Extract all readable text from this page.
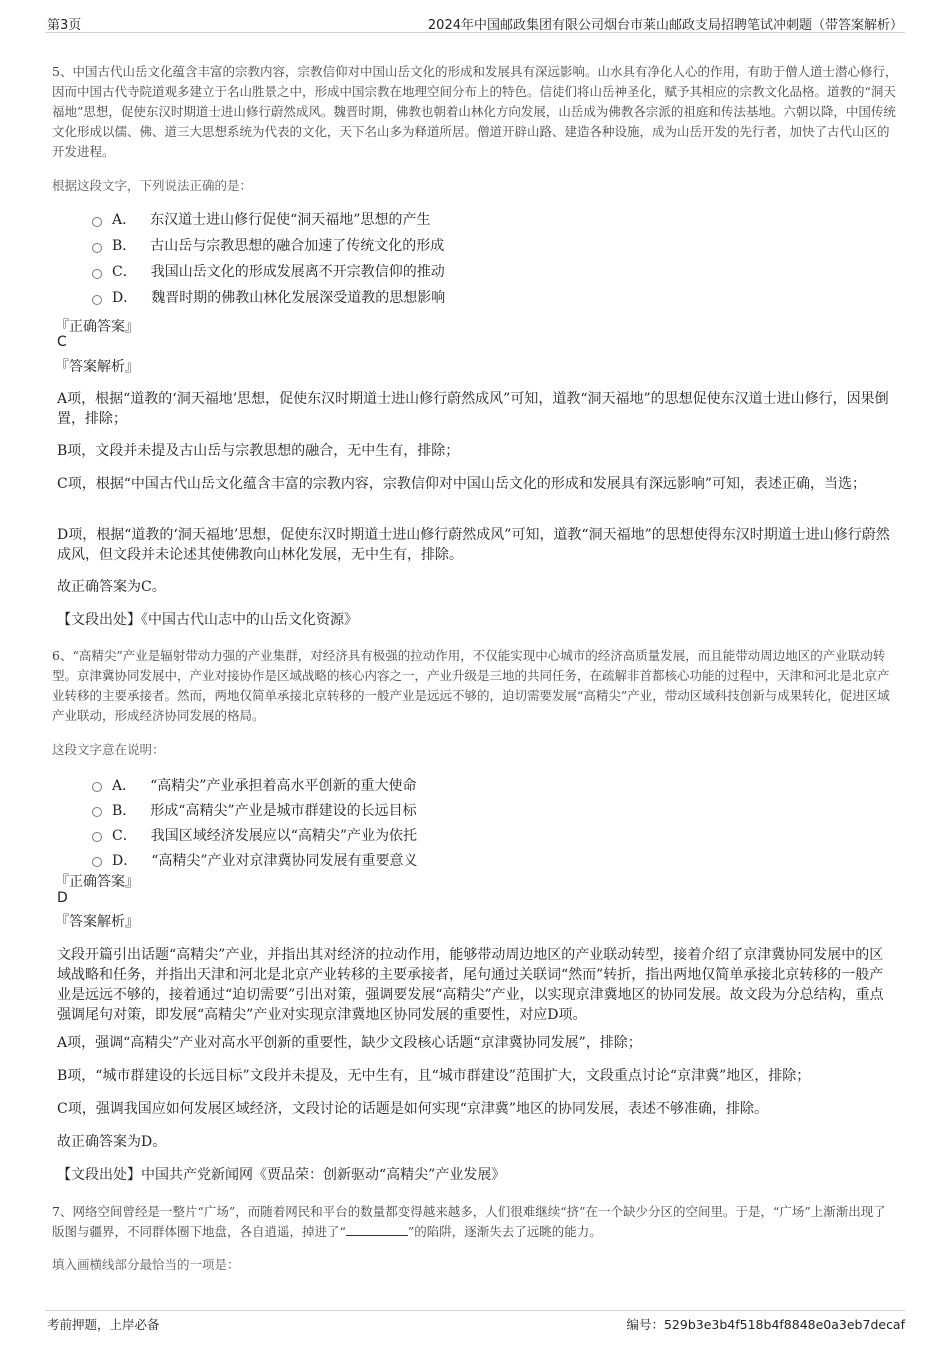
第3页	2024年中国邮政集团有限公司烟台市莱山邮政支局招聘笔试冲刺题（带答案解析）
5、中国古代山岳文化蕴含丰富的宗教内容，宗教信仰对中国山岳文化的形成和发展具有深远影响。山水具有净化人心的作用，有助于僧人道士潜心修行，因而中国古代寺院道观多建立于名山胜景之中，形成中国宗教在地理空间分布上的特色。信徒们将山岳神圣化，赋予其相应的宗教文化品格。道教的“洞天福地”思想，促使东汉时期道士进山修行蔚然成风。魏晋时期，佛教也朝着山林化方向发展，山岳成为佛教各宗派的祖庭和传法基地。六朝以降，中国传统文化形成以儒、佛、道三大思想系统为代表的文化，天下名山多为释道所居。僧道开辟山路、建造各种设施，成为山岳开发的先行者，加快了古代山区的开发进程。
根据这段文字，下列说法正确的是：
A． 东汉道士进山修行促使“洞天福地”思想的产生
B． 古山岳与宗教思想的融合加速了传统文化的形成
C． 我国山岳文化的形成发展离不开宗教信仰的推动
D． 魏晋时期的佛教山林化发展深受道教的思想影响
『正确答案』
C
『答案解析』
A项，根据“道教的‘洞天福地’思想，促使东汉时期道士进山修行蔚然成风”可知，道教“洞天福地”的思想促使东汉道士进山修行，因果倒置，排除；
B项，文段并未提及古山岳与宗教思想的融合，无中生有，排除；
C项，根据“中国古代山岳文化蕴含丰富的宗教内容，宗教信仰对中国山岳文化的形成和发展具有深远影响”可知，表述正确，当选；
D项，根据“道教的‘洞天福地’思想，促使东汉时期道士进山修行蔚然成风”可知，道教“洞天福地”的思想使得东汉时期道士进山修行蔚然成风，但文段并未论述其使佛教向山林化发展，无中生有，排除。
故正确答案为C。
【文段出处】《中国古代山志中的山岳文化资源》
6、“高精尖”产业是辐射带动力强的产业集群，对经济具有极强的拉动作用，不仅能实现中心城市的经济高质量发展，而且能带动周边地区的产业联动转型。京津冀协同发展中，产业对接协作是区域战略的核心内容之一，产业升级是三地的共同任务，在疏解非首都核心功能的过程中，天津和河北是北京产业转移的主要承接者。然而，两地仅简单承接北京转移的一般产业是远远不够的，迫切需要发展“高精尖”产业，带动区域科技创新与成果转化，促进区域产业联动，形成经济协同发展的格局。
这段文字意在说明：
A． “高精尖”产业承担着高水平创新的重大使命
B． 形成“高精尖”产业是城市群建设的长远目标
C． 我国区域经济发展应以“高精尖”产业为依托
D． “高精尖”产业对京津冀协同发展有重要意义
『正确答案』
D
『答案解析』
文段开篇引出话题“高精尖”产业，并指出其对经济的拉动作用，能够带动周边地区的产业联动转型，接着介绍了京津冀协同发展中的区域战略和任务，并指出天津和河北是北京产业转移的主要承接者，尾句通过关联词“然而”转折，指出两地仅简单承接北京转移的一般产业是远远不够的，接着通过“迫切需要”引出对策，强调要发展“高精尖”产业，以实现京津冀地区的协同发展。故文段为分总结构，重点强调尾句对策，即发展“高精尖”产业对实现京津冀地区协同发展的重要性，对应D项。
A项，强调“高精尖”产业对高水平创新的重要性，缺少文段核心话题“京津冀协同发展”，排除；
B项，“城市群建设的长远目标”文段并未提及，无中生有，且“城市群建设”范围扩大，文段重点讨论“京津冀”地区，排除；
C项，强调我国应如何发展区域经济，文段讨论的话题是如何实现“京津冀”地区的协同发展，表述不够准确，排除。
故正确答案为D。
【文段出处】中国共产党新闻网《贾品荣：创新驱动“高精尖”产业发展》
7、网络空间曾经是一整片“广场”，而随着网民和平台的数量都变得越来越多，人们很难继续“挤”在一个缺少分区的空间里。于是，“广场”上渐渐出现了版图与疆界，不同群体圈下地盘，各自逍遥，掉进了“	”的陷阱，逐渐失去了远眺的能力。
填入画横线部分最恰当的一项是：
考前押题，上岸必备	编号：529b3e3b4f518b4f8848e0a3eb7decaf
